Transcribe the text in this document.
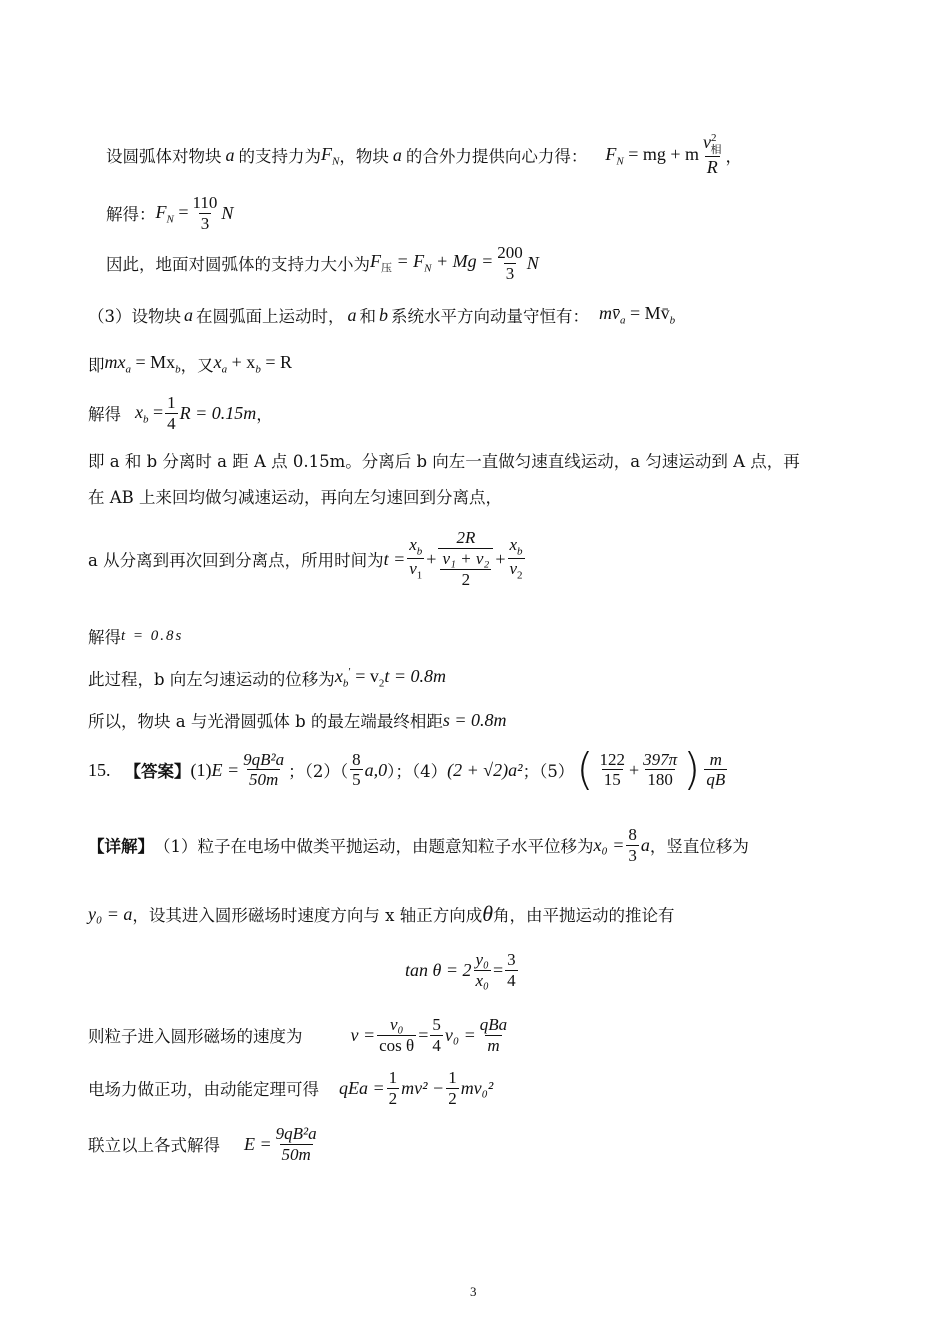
设圆弧体对物块 a 的支持力为 $F_N$ ，物块 a 的合外力提供向心力得： $F_N$ = mg + m $\frac{v^2_相}{R}$ ，
解得： $F_N = \frac{110}{3}$ N
因此，地面对圆弧体的支持力大小为 $F_压 = F_N + Mg = \frac{200}{3}$ N
（3）设物块 a 在圆弧面上运动时， a 和 b 系统水平方向动量守恒有： $mv̄_a$ = $Mv̄_b$
即 $mx_a = Mx_b$ ，又 $x_a + x_b = R$
解得 $x_b = \frac{1}{4}$ R = 0.15m ，
即 a 和 b 分离时 a 距 A 点 0.15m。分离后 b 向左一直做匀速直线运动，a 匀速运动到 A 点，再
在 AB 上来回均做匀减速运动，再向左匀速回到分离点，
a 从分离到再次回到分离点，所用时间为 $t = \frac{x_b}{v_1} + 2R$
v₁ + v₂
$2 + \frac{x_b}{v_2}$
解得 t = 0.8s
此过程，b 向左匀速运动的位移为 $x_b' = v_2t = 0.8m$
所以，物块 a 与光滑圆弧体 b 的最左端最终相距 s = 0.8m
15. 【答案】 (1) $E = \frac{\text{9qB²a}}{50m}$ ；$(2)( \frac{8}{5} a,0$ ）；（4） (2 + √2)a² ；（5） ( $\frac{122}{15} + \frac{397\pi}{180}$ ) $\frac{m}{qB}$
【详解】 （1）粒子在电场中做类平抛运动，由题意知粒子水平位移为 $x_0 = \frac{8}{3}$ a ，竖直位移为
y₀ = a ，设其进入圆形磁场时速度方向与 x 轴正方向成 θ 角，由平抛运动的推论有
$\tan \theta = 2 \frac{\text{y₀}}{\text{x₀}} = \frac{3}{4}$
则粒子进入圆形磁场的速度为	$v = \frac{\text{v₀}}{\text{cos θ}} = \frac{5}{4} v_0 = \frac{\text{qBa}}{m}$
电场力做正功，由动能定理可得 qEa = $\frac{1}{2} mv^2 - \frac{1}{2} mv_0^2$
联立以上各式解得 $E = \frac{\text{9qB²a}}{50m}$
3
